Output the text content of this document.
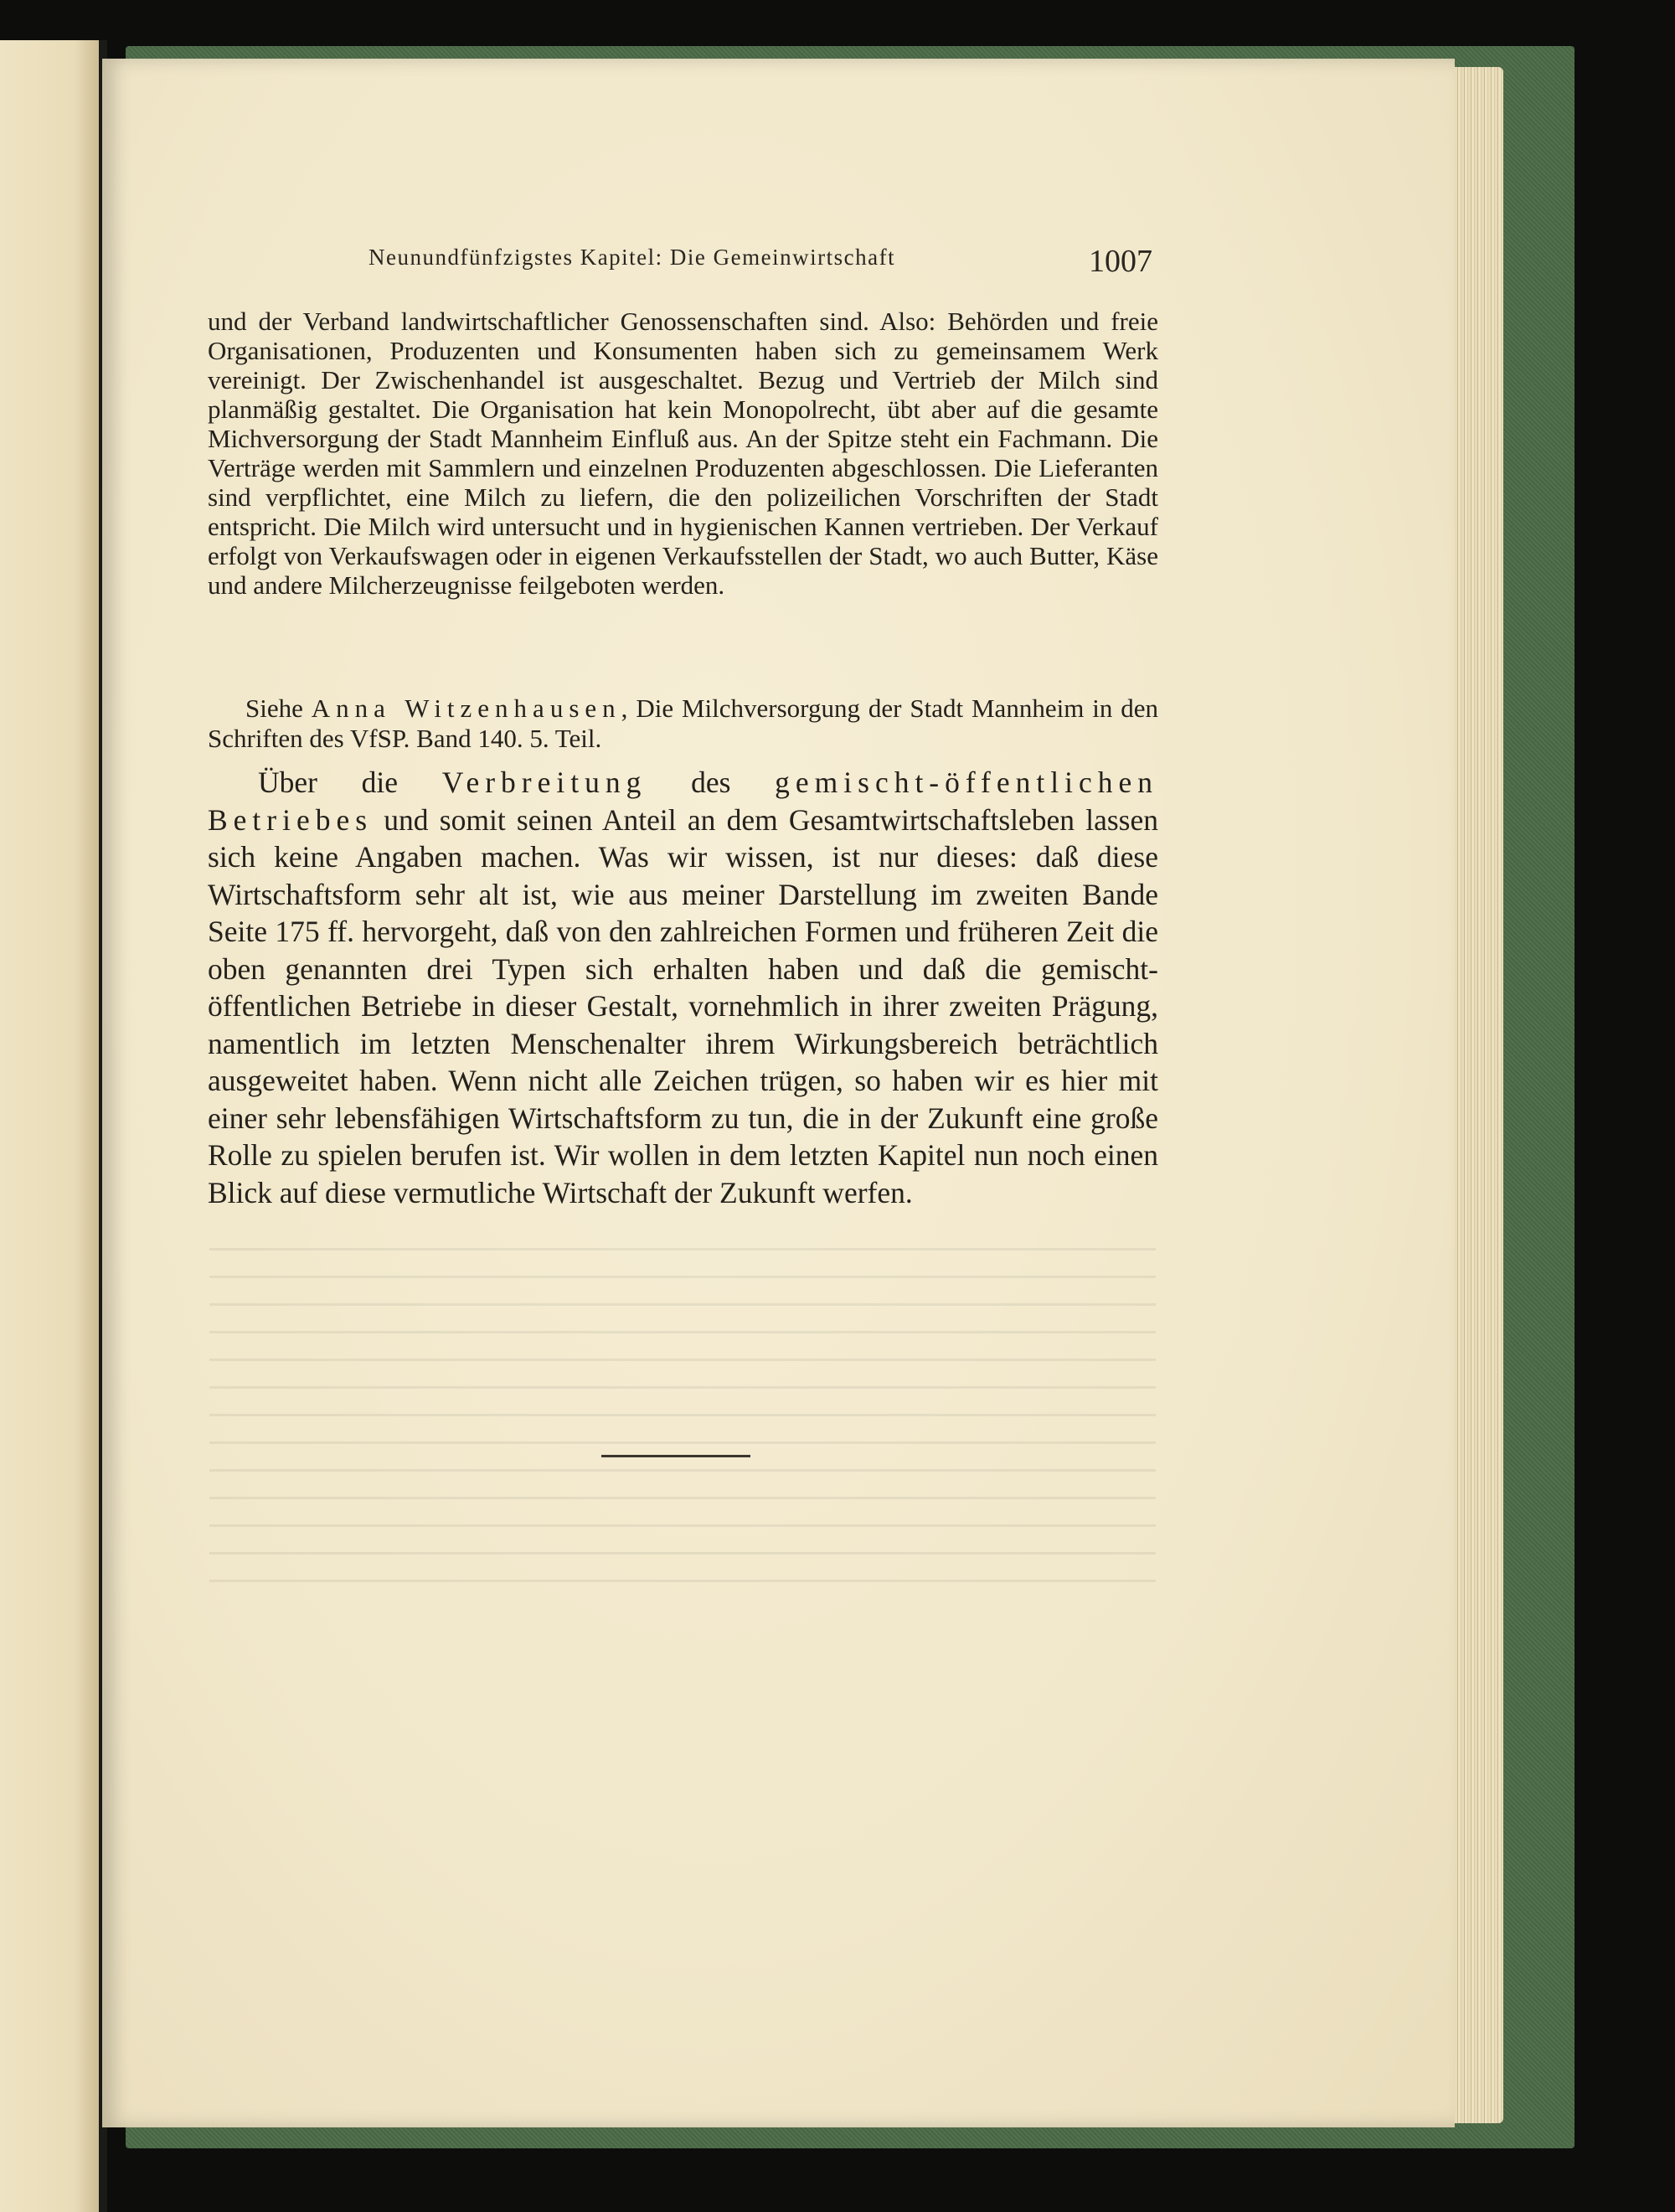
Neunundfünfzigstes Kapitel: Die Gemeinwirtschaft	1007

und der Verband landwirtschaftlicher Genossenschaften sind. Also: Behörden und freie Organisationen, Produzenten und Konsumenten haben sich zu gemeinsamem Werk vereinigt. Der Zwischenhandel ist ausgeschaltet. Bezug und Vertrieb der Milch sind planmäßig gestaltet. Die Organisation hat kein Monopolrecht, übt aber auf die gesamte Michversorgung der Stadt Mannheim Einfluß aus. An der Spitze steht ein Fachmann. Die Verträge werden mit Sammlern und einzelnen Produzenten abgeschlossen. Die Lieferanten sind verpflichtet, eine Milch zu liefern, die den polizeilichen Vorschriften der Stadt entspricht. Die Milch wird untersucht und in hygienischen Kannen vertrieben. Der Verkauf erfolgt von Verkaufswagen oder in eigenen Verkaufsstellen der Stadt, wo auch Butter, Käse und andere Milcherzeugnisse feilgeboten werden.

Siehe Anna Witzenhausen, Die Milchversorgung der Stadt Mannheim in den Schriften des VfSP. Band 140. 5. Teil.

Über die Verbreitung des gemischt-öffentlichen Betriebes und somit seinen Anteil an dem Gesamtwirtschaftsleben lassen sich keine Angaben machen. Was wir wissen, ist nur dieses: daß diese Wirtschaftsform sehr alt ist, wie aus meiner Darstellung im zweiten Bande Seite 175 ff. hervorgeht, daß von den zahlreichen Formen und früheren Zeit die oben genannten drei Typen sich erhalten haben und daß die gemischt-öffentlichen Betriebe in dieser Gestalt, vornehmlich in ihrer zweiten Prägung, namentlich im letzten Menschenalter ihrem Wirkungsbereich beträchtlich ausgeweitet haben. Wenn nicht alle Zeichen trügen, so haben wir es hier mit einer sehr lebensfähigen Wirtschaftsform zu tun, die in der Zukunft eine große Rolle zu spielen berufen ist. Wir wollen in dem letzten Kapitel nun noch einen Blick auf diese vermutliche Wirtschaft der Zukunft werfen.
